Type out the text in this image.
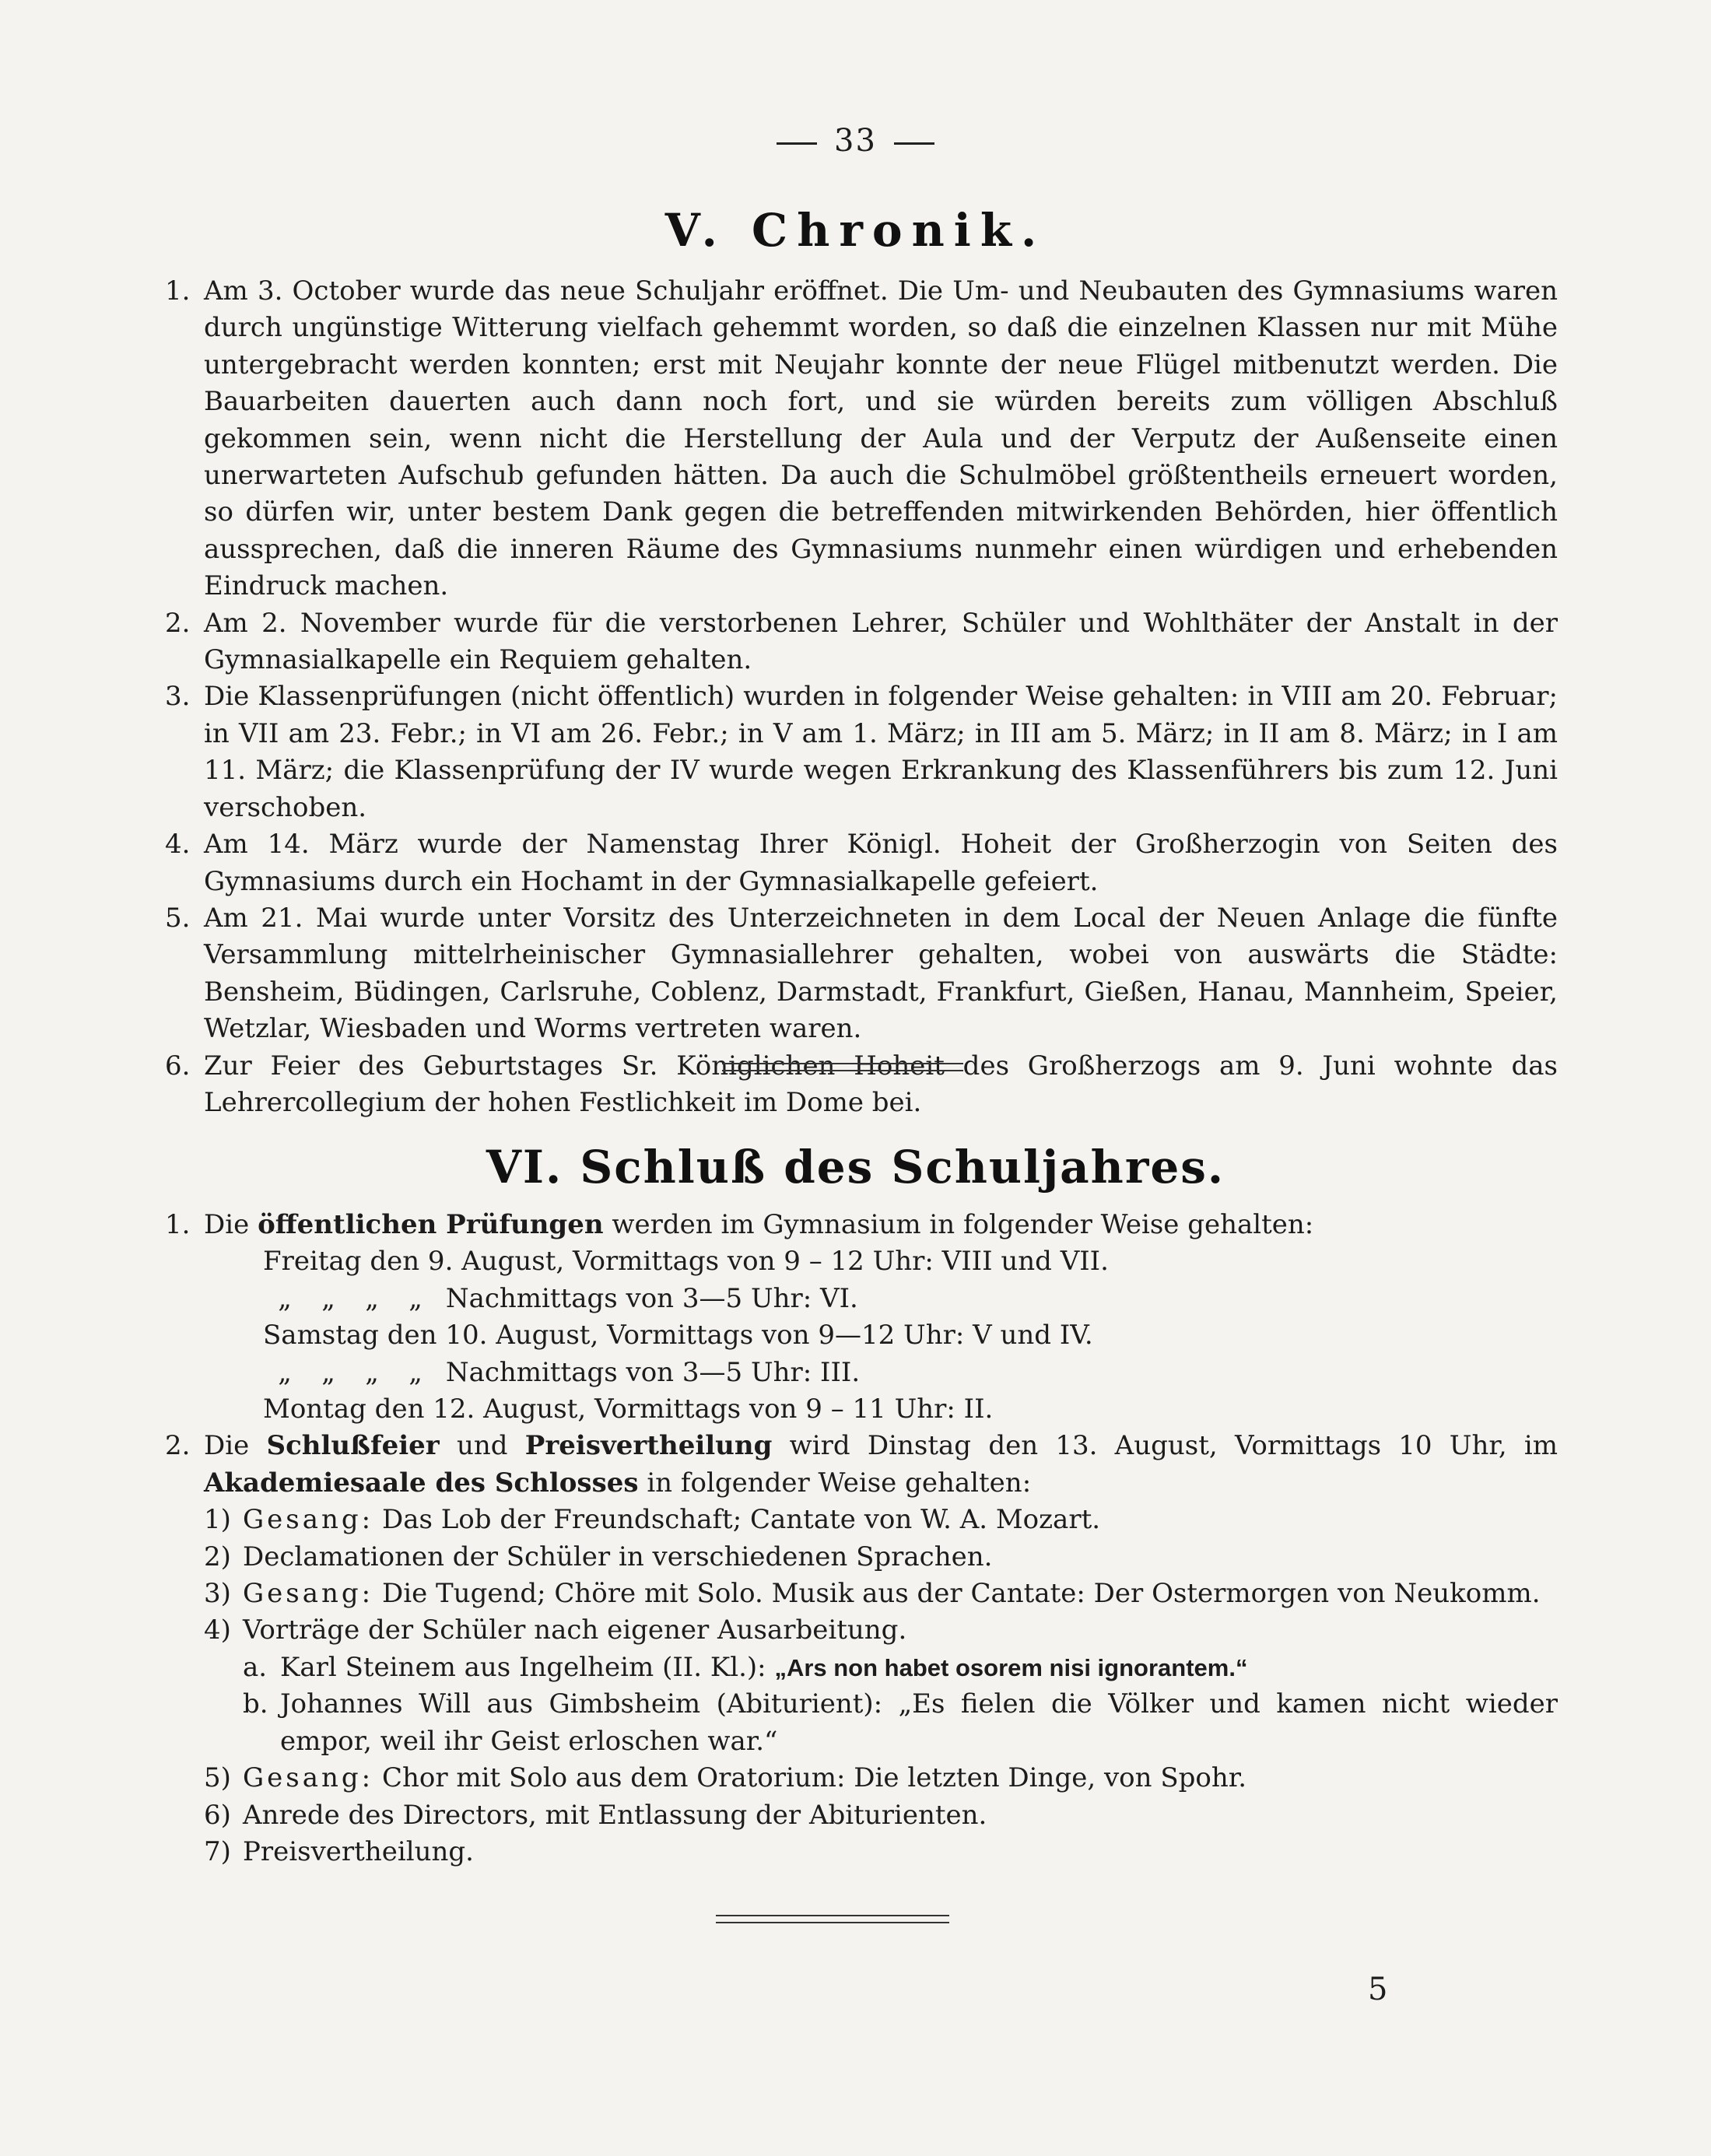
33
V. Chronik.
1. Am 3. October wurde das neue Schuljahr eröffnet. Die Um- und Neubauten des Gymnasiums waren durch ungünstige Witterung vielfach gehemmt worden, so daß die einzelnen Klassen nur mit Mühe untergebracht werden konnten; erst mit Neujahr konnte der neue Flügel mitbenutzt werden. Die Bauarbeiten dauerten auch dann noch fort, und sie würden bereits zum völligen Abschluß gekommen sein, wenn nicht die Herstellung der Aula und der Verputz der Außenseite einen unerwarteten Aufschub gefunden hätten. Da auch die Schulmöbel größtentheils erneuert worden, so dürfen wir, unter bestem Dank gegen die betreffenden mitwirkenden Behörden, hier öffentlich aussprechen, daß die inneren Räume des Gymnasiums nunmehr einen würdigen und erhebenden Eindruck machen.
2. Am 2. November wurde für die verstorbenen Lehrer, Schüler und Wohlthäter der Anstalt in der Gymnasialkapelle ein Requiem gehalten.
3. Die Klassenprüfungen (nicht öffentlich) wurden in folgender Weise gehalten: in VIII am 20. Februar; in VII am 23. Febr.; in VI am 26. Febr.; in V am 1. März; in III am 5. März; in II am 8. März; in I am 11. März; die Klassenprüfung der IV wurde wegen Erkrankung des Klassenführers bis zum 12. Juni verschoben.
4. Am 14. März wurde der Namenstag Ihrer Königl. Hoheit der Großherzogin von Seiten des Gymnasiums durch ein Hochamt in der Gymnasialkapelle gefeiert.
5. Am 21. Mai wurde unter Vorsitz des Unterzeichneten in dem Local der Neuen Anlage die fünfte Versammlung mittelrheinischer Gymnasiallehrer gehalten, wobei von auswärts die Städte: Bensheim, Büdingen, Carlsruhe, Coblenz, Darmstadt, Frankfurt, Gießen, Hanau, Mannheim, Speier, Wetzlar, Wiesbaden und Worms vertreten waren.
6. Zur Feier des Geburtstages Sr. Königlichen Hoheit des Großherzogs am 9. Juni wohnte das Lehrercollegium der hohen Festlichkeit im Dome bei.
VI. Schluß des Schuljahres.
1. Die öffentlichen Prüfungen werden im Gymnasium in folgender Weise gehalten:
Freitag den 9. August, Vormittags von 9 – 12 Uhr: VIII und VII.
„ „ „ „ Nachmittags von 3—5 Uhr: VI.
Samstag den 10. August, Vormittags von 9—12 Uhr: V und IV.
„ „ „ „ Nachmittags von 3—5 Uhr: III.
Montag den 12. August, Vormittags von 9 – 11 Uhr: II.
2. Die Schlußfeier und Preisvertheilung wird Dinstag den 13. August, Vormittags 10 Uhr, im Akademiesaale des Schlosses in folgender Weise gehalten:
1) Gesang: Das Lob der Freundschaft; Cantate von W. A. Mozart.
2) Declamationen der Schüler in verschiedenen Sprachen.
3) Gesang: Die Tugend; Chöre mit Solo. Musik aus der Cantate: Der Ostermorgen von Neukomm.
4) Vorträge der Schüler nach eigener Ausarbeitung.
a. Karl Steinem aus Ingelheim (II. Kl.): „Ars non habet osorem nisi ignorantem.“
b. Johannes Will aus Gimbsheim (Abiturient): „Es fielen die Völker und kamen nicht wieder empor, weil ihr Geist erloschen war.“
5) Gesang: Chor mit Solo aus dem Oratorium: Die letzten Dinge, von Spohr.
6) Anrede des Directors, mit Entlassung der Abiturienten.
7) Preisvertheilung.
5
